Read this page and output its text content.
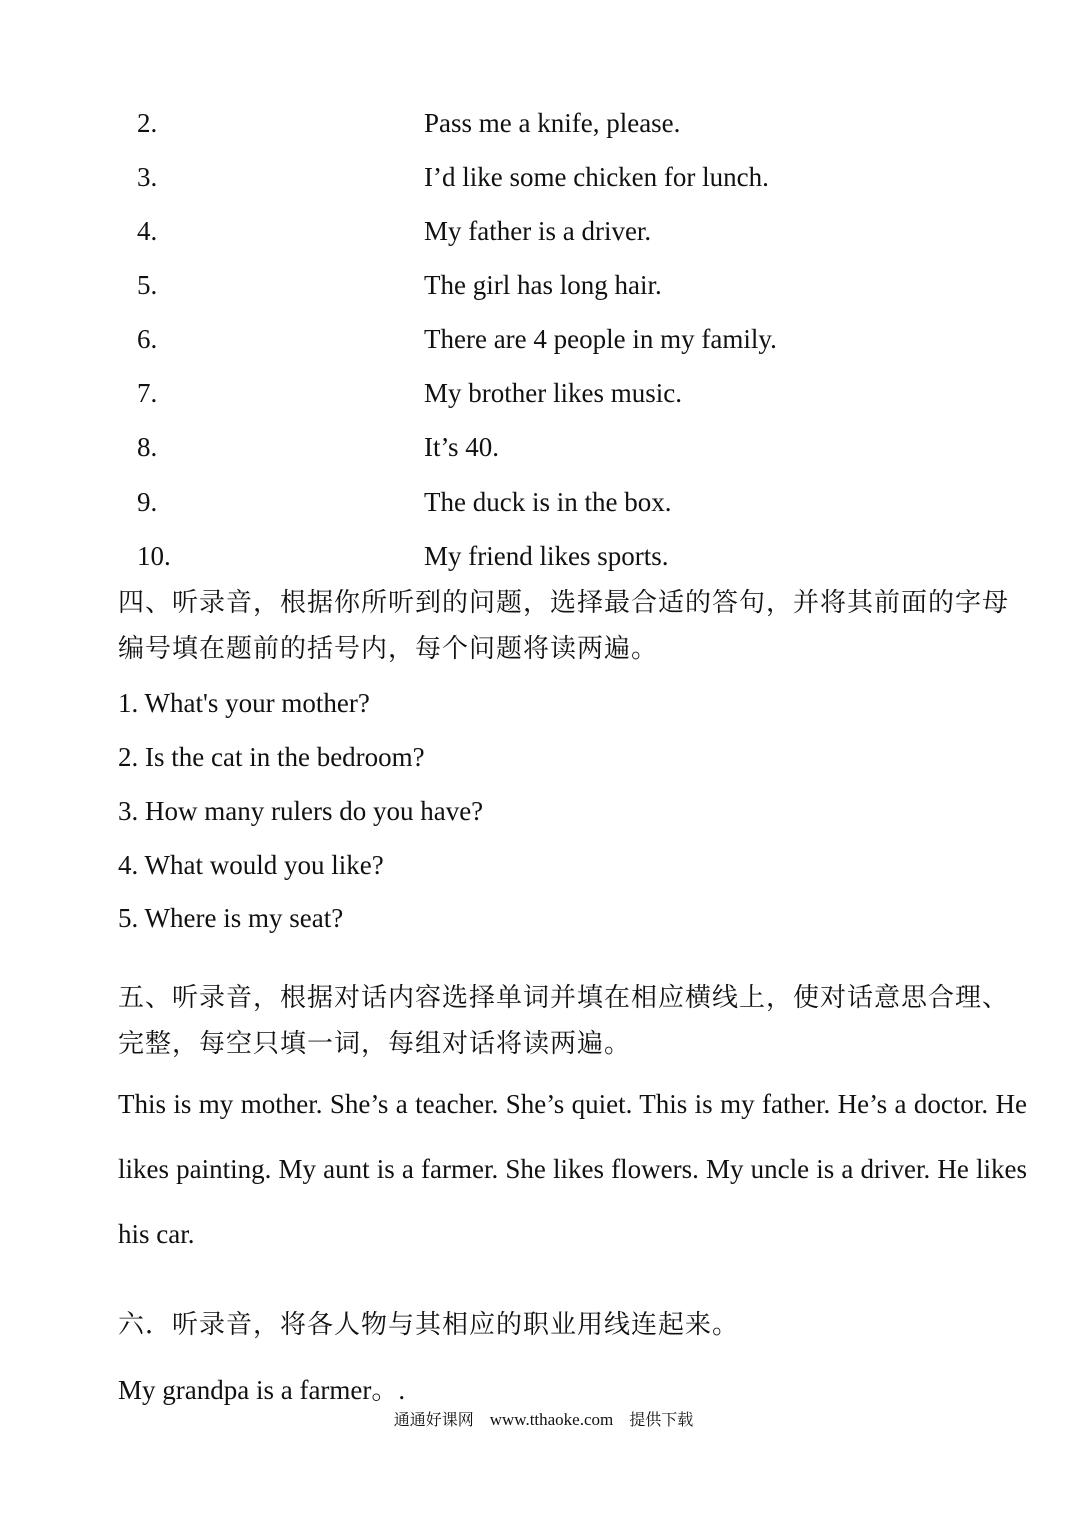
2.	Pass me a knife, please.
3.	I’d like some chicken for lunch.
4.	My father is a driver.
5.	The girl has long hair.
6.	There are 4 people in my family.
7.	My brother likes music.
8.	It’s 40.
9.	The duck is in the box.
10.	My friend likes sports.
四、听录音，根据你所听到的问题，选择最合适的答句，并将其前面的字母编号填在题前的括号内，每个问题将读两遍。
1. What's your mother?
2. Is the cat in the bedroom?
3. How many rulers do you have?
4. What would you like?
5. Where is my seat?
五、听录音，根据对话内容选择单词并填在相应横线上，使对话意思合理、完整，每空只填一词，每组对话将读两遍。
This is my mother. She’s a teacher. She’s quiet. This is my father. He’s a doctor. He likes painting. My aunt is a farmer. She likes flowers. My uncle is a driver. He likes his car.
六．听录音，将各人物与其相应的职业用线连起来。
My grandpa is a farmer。.
通通好课网 www.tthaoke.com 提供下载
